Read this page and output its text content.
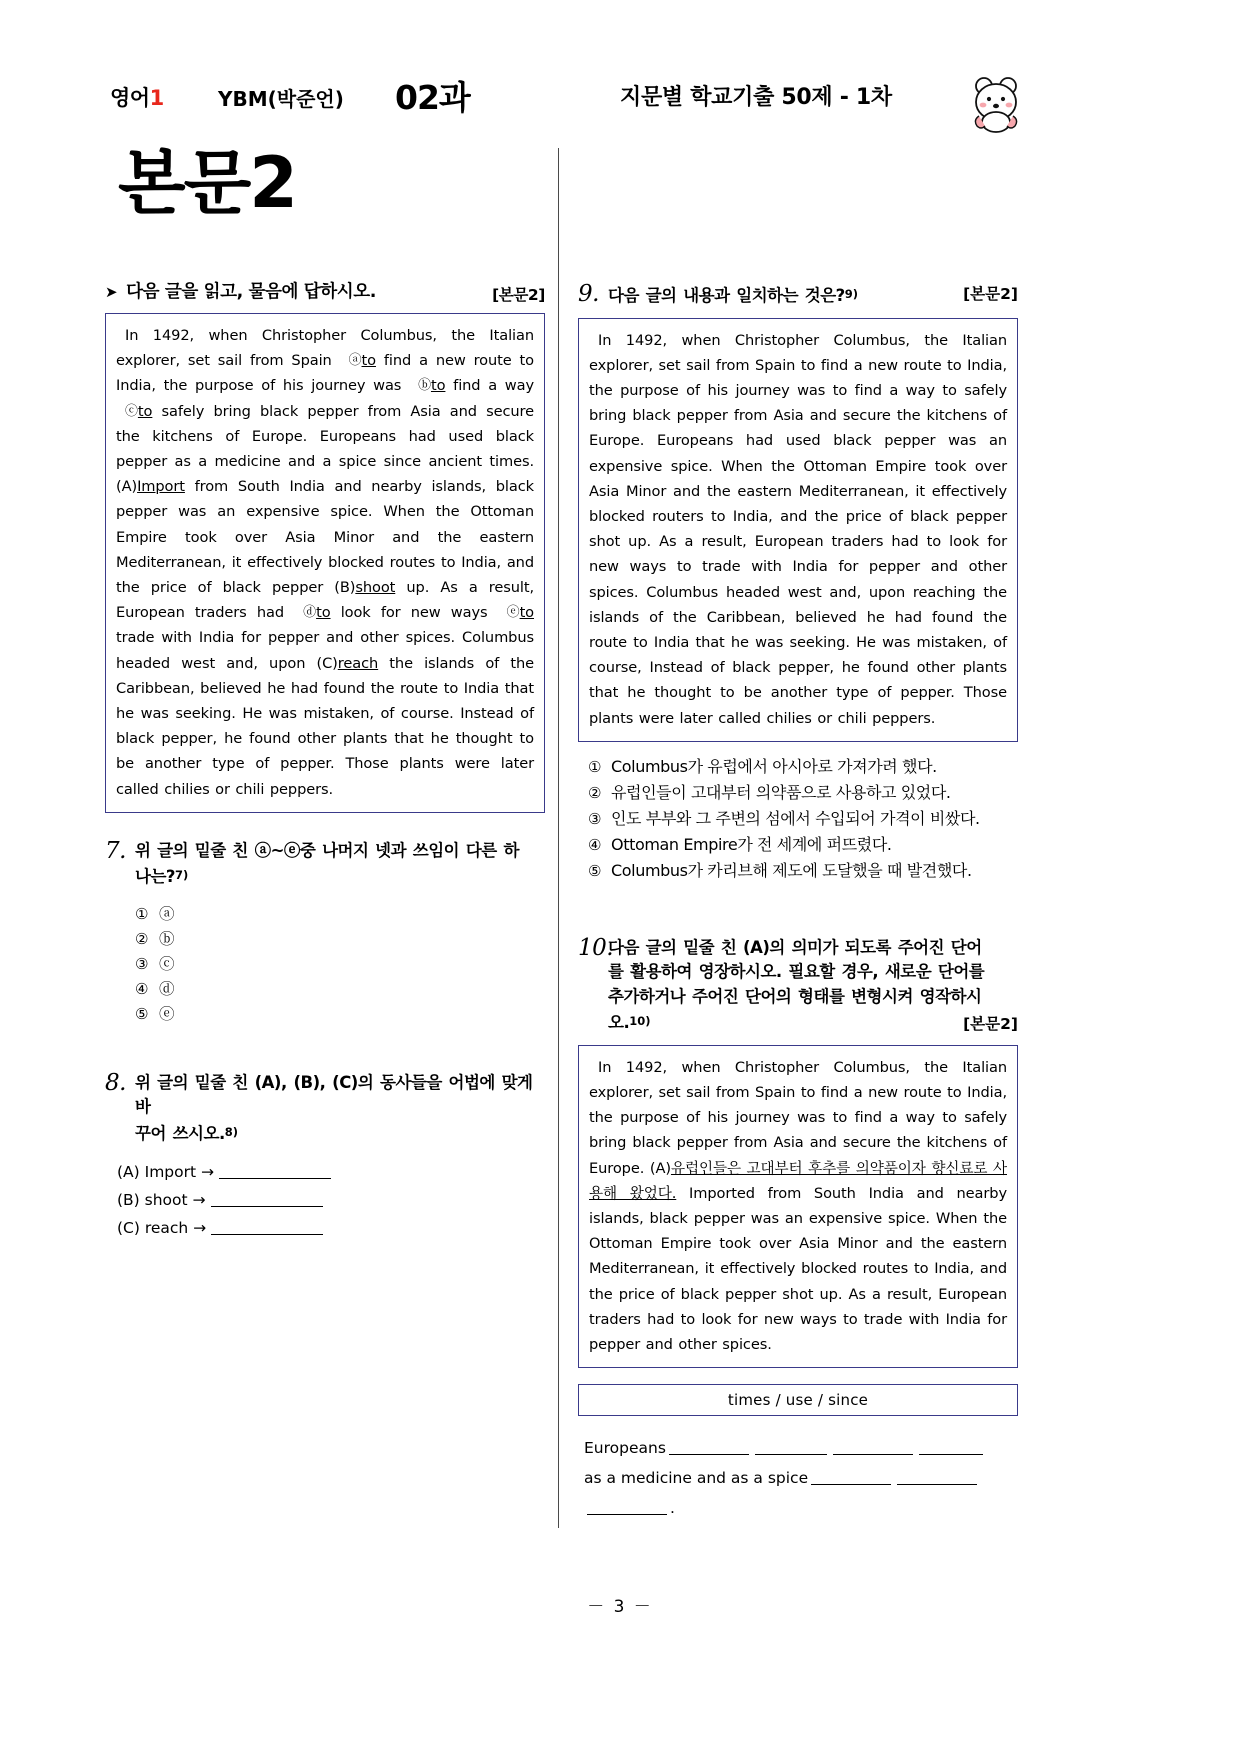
영어1	YBM(박준언) 02과	지문별 학교기출 50제 - 1차
본문2
➤ 다음 글을 읽고, 물음에 답하시오.	[본문2]

In 1492, when Christopher Columbus, the Italian explorer, set sail from Spain ⓐto find a new route to India, the purpose of his journey was ⓑto find a way ⓒto safely bring black pepper from Asia and secure the kitchens of Europe. Europeans had used black pepper as a medicine and a spice since ancient times. (A)Import from South India and nearby islands, black pepper was an expensive spice. When the Ottoman Empire took over Asia Minor and the eastern Mediterranean, it effectively blocked routes to India, and the price of black pepper (B)shoot up. As a result, European traders had ⓓto look for new ways ⓔto trade with India for pepper and other spices. Columbus headed west and, upon (C)reach the islands of the Caribbean, believed he had found the route to India that he was seeking. He was mistaken, of course. Instead of black pepper, he found other plants that he thought to be another type of pepper. Those plants were later called chilies or chili peppers.

7. 위 글의 밑줄 친 ⓐ~ⓔ중 나머지 넷과 쓰임이 다른 하
나는?$^{7)}$
① ⓐ
② ⓑ
③ ⓒ
④ ⓓ
⑤ ⓔ
8. 위 글의 밑줄 친 (A), (B), (C)의 동사들을 어법에 맞게 바
꾸어 쓰시오.$^{8)}$
(A) Import →
(B) shoot →
(C) reach →
9. 다음 글의 내용과 일치하는 것은?$^{9)}$	[본문2]

In 1492, when Christopher Columbus, the Italian explorer, set sail from Spain to find a new route to India, the purpose of his journey was to find a way to safely bring black pepper from Asia and secure the kitchens of Europe. Europeans had used black pepper was an expensive spice. When the Ottoman Empire took over Asia Minor and the eastern Mediterranean, it effectively blocked routers to India, and the price of black pepper shot up. As a result, European traders had to look for new ways to trade with India for pepper and other spices. Columbus headed west and, upon reaching the islands of the Caribbean, believed he had found the route to India that he was seeking. He was mistaken, of course, Instead of black pepper, he found other plants that he thought to be another type of pepper. Those plants were later called chilies or chili peppers.

① Columbus가 유럽에서 아시아로 가져가려 했다.
② 유럽인들이 고대부터 의약품으로 사용하고 있었다.
③ 인도 부부와 그 주변의 섬에서 수입되어 가격이 비쌌다.
④ Ottoman Empire가 전 세계에 퍼뜨렸다.
⑤ Columbus가 카리브해 제도에 도달했을 때 발견했다.
10.
다음 글의 밑줄 친 (A)의 의미가 되도록 주어진 단어
를 활용하여 영장하시오. 필요할 경우, 새로운 단어를
추가하거나 주어진 단어의 형태를 변형시켜 영작하시
오.$^{10)}$	[본문2]

In 1492, when Christopher Columbus, the Italian explorer, set sail from Spain to find a new route to India, the purpose of his journey was to find a way to safely bring black pepper from Asia and secure the kitchens of Europe. (A)유럽인들은 고대부터 후추를 의약품이자 향신료로 사용해 왔었다. Imported from South India and nearby islands, black pepper was an expensive spice. When the Ottoman Empire took over Asia Minor and the eastern Mediterranean, it effectively blocked routes to India, and the price of black pepper shot up. As a result, European traders had to look for new ways to trade with India for pepper and other spices.

times / use / since
Europeans
as a medicine and as a spice
.
－ 3 －
